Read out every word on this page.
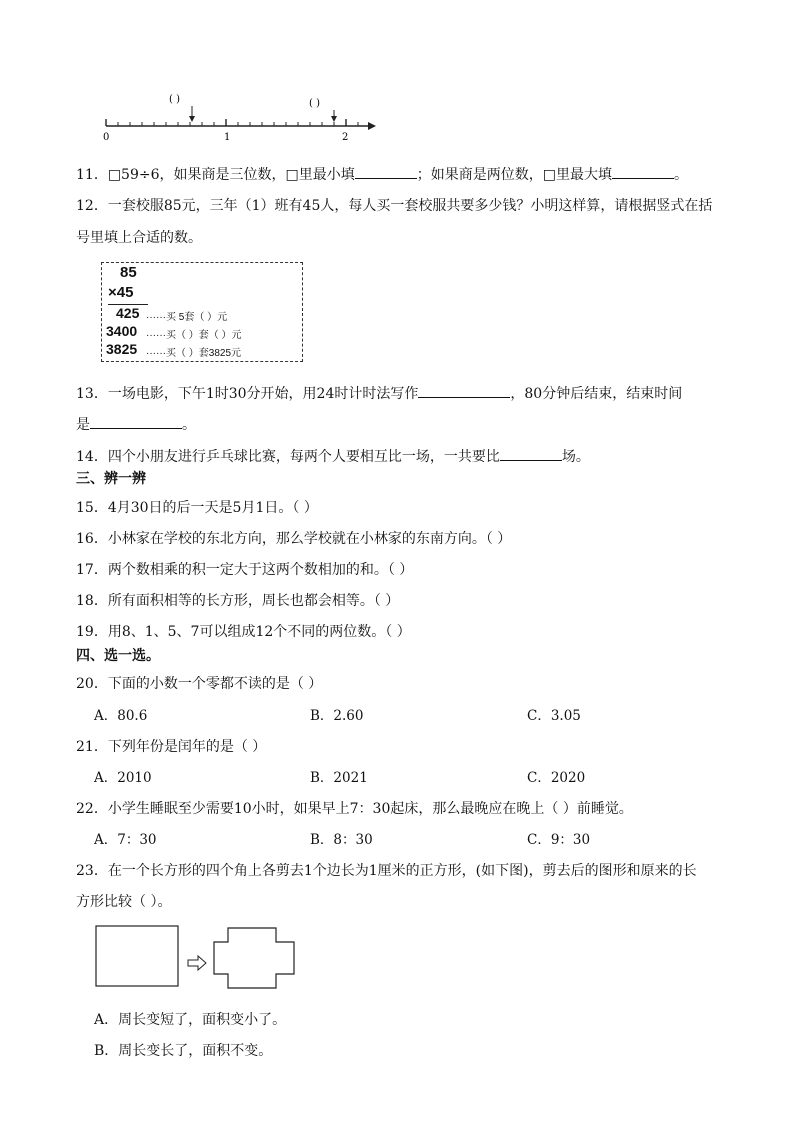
0	1	2
( )	( )
11．□59÷6，如果商是三位数，□里最小填	；如果商是两位数，□里最大填	。
12．一套校服85元，三年（1）班有45人，每人买一套校服共要多少钱？小明这样算，请根据竖式在括
号里填上合适的数。
85
×45
425 ······买 5套（ ）元
3400 ······买（ ）套（ ）元
3825 ······买（ ）套3825元
13．一场电影，下午1时30分开始，用24时计时法写作	，80分钟后结束，结束时间
是	。
14．四个小朋友进行乒乓球比赛，每两个人要相互比一场，一共要比	场。
三、辨一辨
15．4月30日的后一天是5月1日。（ ）
16．小林家在学校的东北方向，那么学校就在小林家的东南方向。（ ）
17．两个数相乘的积一定大于这两个数相加的和。（ ）
18．所有面积相等的长方形，周长也都会相等。（ ）
19．用8、1、5、7可以组成12个不同的两位数。（ ）
四、选一选。
20．下面的小数一个零都不读的是（ ）
A．80.6	B．2.60	C．3.05
21．下列年份是闰年的是（ ）
A．2010	B．2021	C．2020
22．小学生睡眠至少需要10小时，如果早上7：30起床，那么最晚应在晚上（ ）前睡觉。
A．7：30	B．8：30	C．9：30
23．在一个长方形的四个角上各剪去1个边长为1厘米的正方形，(如下图)，剪去后的图形和原来的长
方形比较（ ）。
A．周长变短了，面积变小了。
B．周长变长了，面积不变。
